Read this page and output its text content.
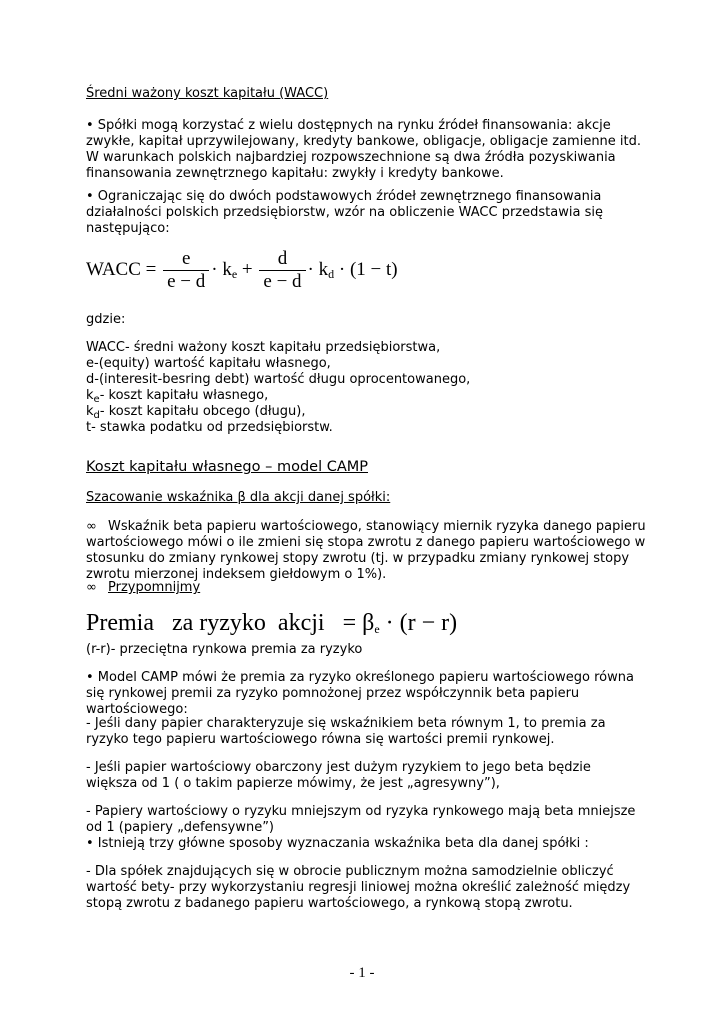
Średni ważony koszt kapitału (WACC)

• Spółki mogą korzystać z wielu dostępnych na rynku źródeł finansowania: akcje zwykłe, kapitał uprzywilejowany, kredyty bankowe, obligacje, obligacje zamienne itd. W warunkach polskich najbardziej rozpowszechnione są dwa źródła pozyskiwania finansowania zewnętrznego kapitału: zwykły i kredyty bankowe.

• Ograniczając się do dwóch podstawowych źródeł zewnętrznego finansowania działalności polskich przedsiębiorstw, wzór na obliczenie WACC przedstawia się następująco:

WACC = $\frac{e}{e - d} \cdot k_e + \frac{d}{e - d} \cdot k_d \cdot (1 - t)$

gdzie:

WACC- średni ważony koszt kapitału przedsiębiorstwa,
e-(equity) wartość kapitału własnego,
d-(interesit-besring debt) wartość długu oprocentowanego,
$k_e-$ koszt kapitału własnego,
$k_d-$ koszt kapitału obcego (długu),
t- stawka podatku od przedsiębiorstw.

Koszt kapitału własnego – model CAMP

Szacowanie wskaźnika β dla akcji danej spółki:

∞ Wskaźnik beta papieru wartościowego, stanowiący miernik ryzyka danego papieru wartościowego mówi o ile zmieni się stopa zwrotu z danego papieru wartościowego w stosunku do zmiany rynkowej stopy zwrotu (tj. w przypadku zmiany rynkowej stopy zwrotu mierzonej indeksem giełdowym o 1%).

∞ Przypomnijmy

Premia   za ryzyko  akcji   = $\beta_e \cdot (r - r)$

(r-r)- przeciętna rynkowa premia za ryzyko

• Model CAMP mówi że premia za ryzyko określonego papieru wartościowego równa się rynkowej premii za ryzyko pomnożonej przez współczynnik beta papieru wartościowego:

- Jeśli dany papier charakteryzuje się wskaźnikiem beta równym 1, to premia za ryzyko tego papieru wartościowego równa się wartości premii rynkowej.

- Jeśli papier wartościowy obarczony jest dużym ryzykiem to jego beta będzie większa od 1 ( o takim papierze mówimy, że jest „agresywny”),

- Papiery wartościowy o ryzyku mniejszym od ryzyka rynkowego mają beta mniejsze od 1 (papiery „defensywne”)

• Istnieją trzy główne sposoby wyznaczania wskaźnika beta dla danej spółki :

- Dla spółek znajdujących się w obrocie publicznym można samodzielnie obliczyć wartość bety- przy wykorzystaniu regresji liniowej można określić zależność między stopą zwrotu z badanego papieru wartościowego, a rynkową stopą zwrotu.

- 1 -
